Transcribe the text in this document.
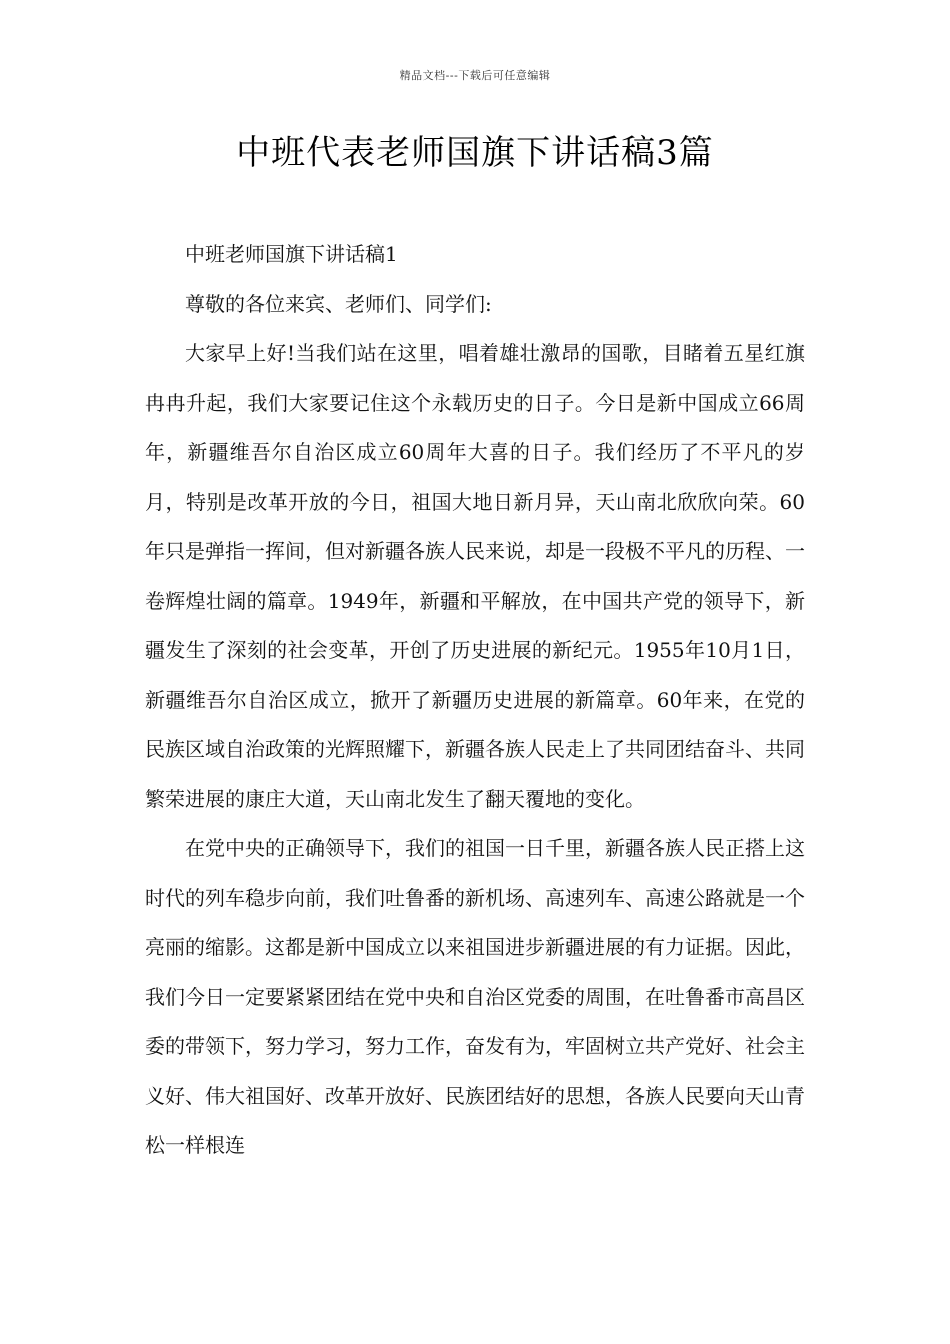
精品文档---下载后可任意编辑
中班代表老师国旗下讲话稿3篇

中班老师国旗下讲话稿1

尊敬的各位来宾、老师们、同学们:

大家早上好!当我们站在这里，唱着雄壮激昂的国歌，目睹着五星红旗冉冉升起，我们大家要记住这个永载历史的日子。今日是新中国成立66周年，新疆维吾尔自治区成立60周年大喜的日子。我们经历了不平凡的岁月，特别是改革开放的今日，祖国大地日新月异，天山南北欣欣向荣。60年只是弹指一挥间，但对新疆各族人民来说，却是一段极不平凡的历程、一卷辉煌壮阔的篇章。1949年，新疆和平解放，在中国共产党的领导下，新疆发生了深刻的社会变革，开创了历史进展的新纪元。1955年10月1日，新疆维吾尔自治区成立，掀开了新疆历史进展的新篇章。60年来，在党的民族区域自治政策的光辉照耀下，新疆各族人民走上了共同团结奋斗、共同繁荣进展的康庄大道，天山南北发生了翻天覆地的变化。

在党中央的正确领导下，我们的祖国一日千里，新疆各族人民正搭上这时代的列车稳步向前，我们吐鲁番的新机场、高速列车、高速公路就是一个亮丽的缩影。这都是新中国成立以来祖国进步新疆进展的有力证据。因此，我们今日一定要紧紧团结在党中央和自治区党委的周围，在吐鲁番市高昌区委的带领下，努力学习，努力工作，奋发有为，牢固树立共产党好、社会主义好、伟大祖国好、改革开放好、民族团结好的思想，各族人民要向天山青松一样根连
